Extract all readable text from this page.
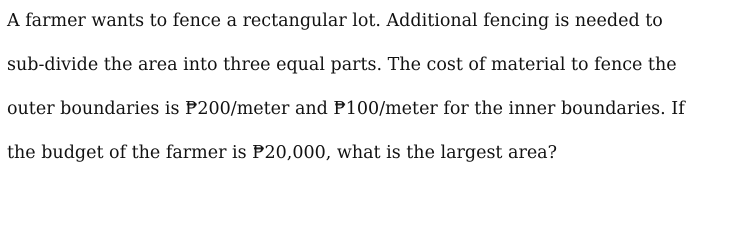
A farmer wants to fence a rectangular lot. Additional fencing is needed to
sub-divide the area into three equal parts. The cost of material to fence the
outer boundaries is ₱200/meter and ₱100/meter for the inner boundaries. If
the budget of the farmer is ₱20,000, what is the largest area?
